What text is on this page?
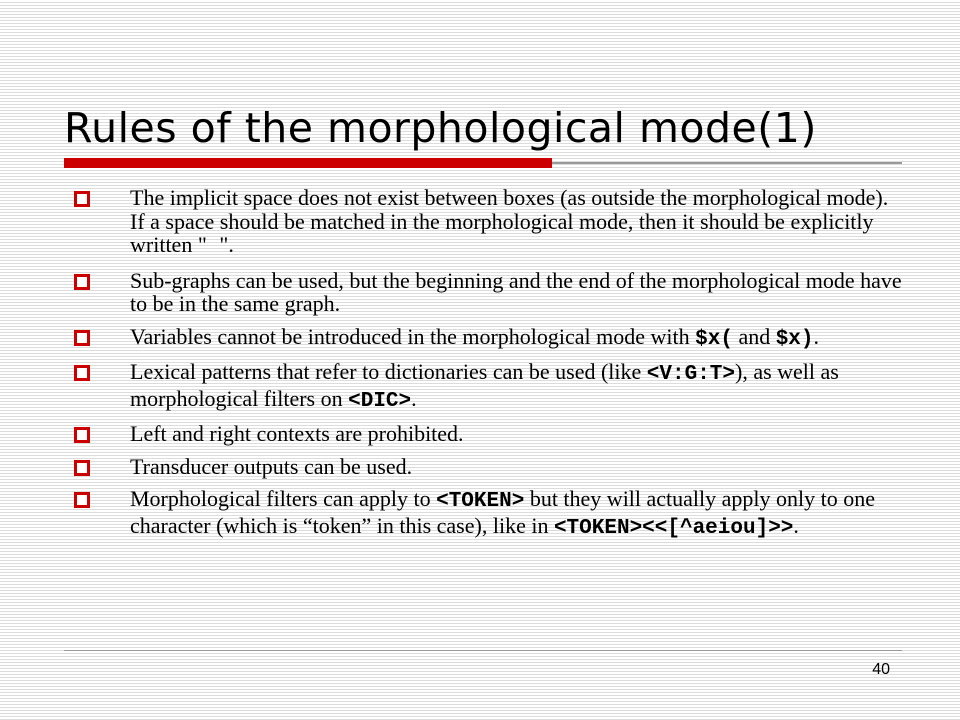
Rules of the morphological mode(1)
The implicit space does not exist between boxes (as outside the morphological mode). If a space should be matched in the morphological mode, then it should be explicitly written " ".
Sub-graphs can be used, but the beginning and the end of the morphological mode have to be in the same graph.
Variables cannot be introduced in the morphological mode with $x( and $x).
Lexical patterns that refer to dictionaries can be used (like <V:G:T>), as well as morphological filters on <DIC>.
Left and right contexts are prohibited.
Transducer outputs can be used.
Morphological filters can apply to <TOKEN> but they will actually apply only to one character (which is “token” in this case), like in <TOKEN><<[^aeiou]>>.
40
